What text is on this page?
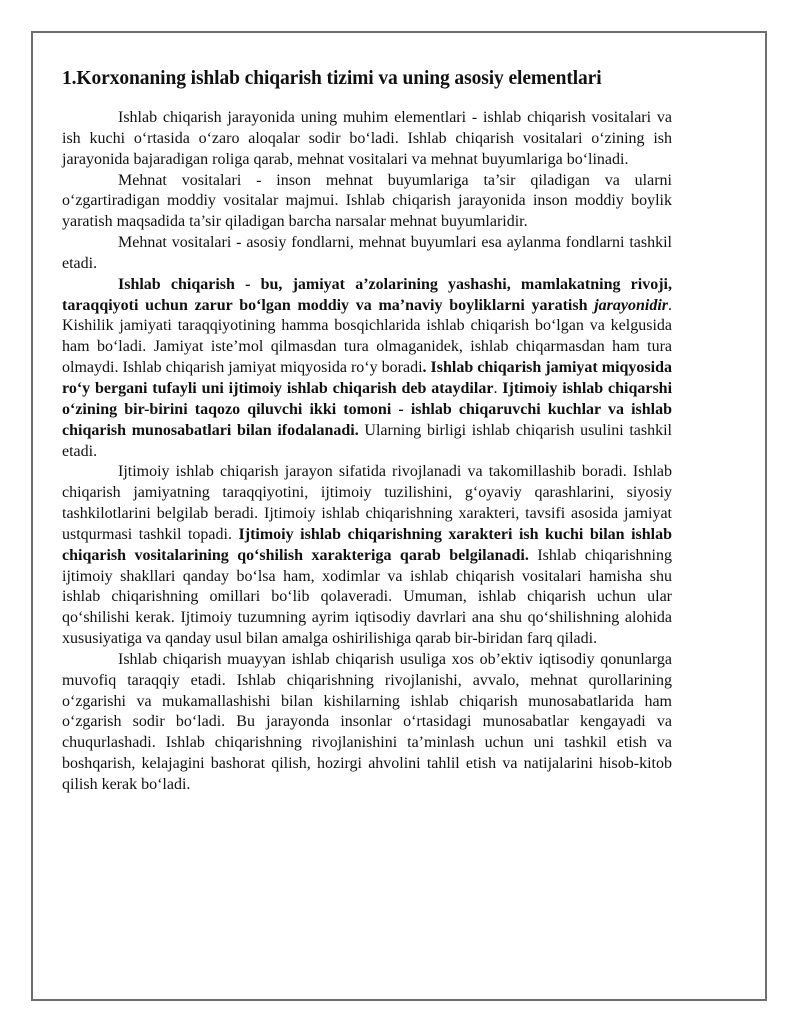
1.Korxonaning ishlab chiqarish tizimi va uning asosiy elementlari

Ishlab chiqarish jarayonida uning muhim elementlari - ishlab chiqarish vositalari va ish kuchi o‘rtasida o‘zaro aloqalar sodir bo‘ladi. Ishlab chiqarish vositalari o‘zining ish jarayonida bajaradigan roliga qarab, mehnat vositalari va mehnat buyumlariga bo‘linadi.

Mehnat vositalari - inson mehnat buyumlariga ta’sir qiladigan va ularni o‘zgartiradigan moddiy vositalar majmui. Ishlab chiqarish jarayonida inson moddiy boylik yaratish maqsadida ta’sir qiladigan barcha narsalar mehnat buyumlaridir.

Mehnat vositalari - asosiy fondlarni, mehnat buyumlari esa aylanma fondlarni tashkil etadi.

Ishlab chiqarish - bu, jamiyat a’zolarining yashashi, mamlakatning rivoji, taraqqiyoti uchun zarur bo‘lgan moddiy va ma’naviy boyliklarni yaratish jarayonidir. Kishilik jamiyati taraqqiyotining hamma bosqichlarida ishlab chiqarish bo‘lgan va kelgusida ham bo‘ladi. Jamiyat iste’mol qilmasdan tura olmaganidek, ishlab chiqarmasdan ham tura olmaydi. Ishlab chiqarish jamiyat miqyosida ro‘y boradi. Ishlab chiqarish jamiyat miqyosida ro‘y bergani tufayli uni ijtimoiy ishlab chiqarish deb ataydilar. Ijtimoiy ishlab chiqarshi o‘zining bir-birini taqozo qiluvchi ikki tomoni - ishlab chiqaruvchi kuchlar va ishlab chiqarish munosabatlari bilan ifodalanadi. Ularning birligi ishlab chiqarish usulini tashkil etadi.

Ijtimoiy ishlab chiqarish jarayon sifatida rivojlanadi va takomillashib boradi. Ishlab chiqarish jamiyatning taraqqiyotini, ijtimoiy tuzilishini, g‘oyaviy qarashlarini, siyosiy tashkilotlarini belgilab beradi. Ijtimoiy ishlab chiqarishning xarakteri, tavsifi asosida jamiyat ustqurmasi tashkil topadi. Ijtimoiy ishlab chiqarishning xarakteri ish kuchi bilan ishlab chiqarish vositalarining qo‘shilish xarakteriga qarab belgilanadi. Ishlab chiqarishning ijtimoiy shakllari qanday bo‘lsa ham, xodimlar va ishlab chiqarish vositalari hamisha shu ishlab chiqarishning omillari bo‘lib qolaveradi. Umuman, ishlab chiqarish uchun ular qo‘shilishi kerak. Ijtimoiy tuzumning ayrim iqtisodiy davrlari ana shu qo‘shilishning alohida xususiyatiga va qanday usul bilan amalga oshirilishiga qarab bir-biridan farq qiladi.

Ishlab chiqarish muayyan ishlab chiqarish usuliga xos ob’ektiv iqtisodiy qonunlarga muvofiq taraqqiy etadi. Ishlab chiqarishning rivojlanishi, avvalo, mehnat qurollarining o‘zgarishi va mukamallashishi bilan kishilarning ishlab chiqarish munosabatlarida ham o‘zgarish sodir bo‘ladi. Bu jarayonda insonlar o‘rtasidagi munosabatlar kengayadi va chuqurlashadi. Ishlab chiqarishning rivojlanishini ta’minlash uchun uni tashkil etish va boshqarish, kelajagini bashorat qilish, hozirgi ahvolini tahlil etish va natijalarini hisob-kitob qilish kerak bo‘ladi.
